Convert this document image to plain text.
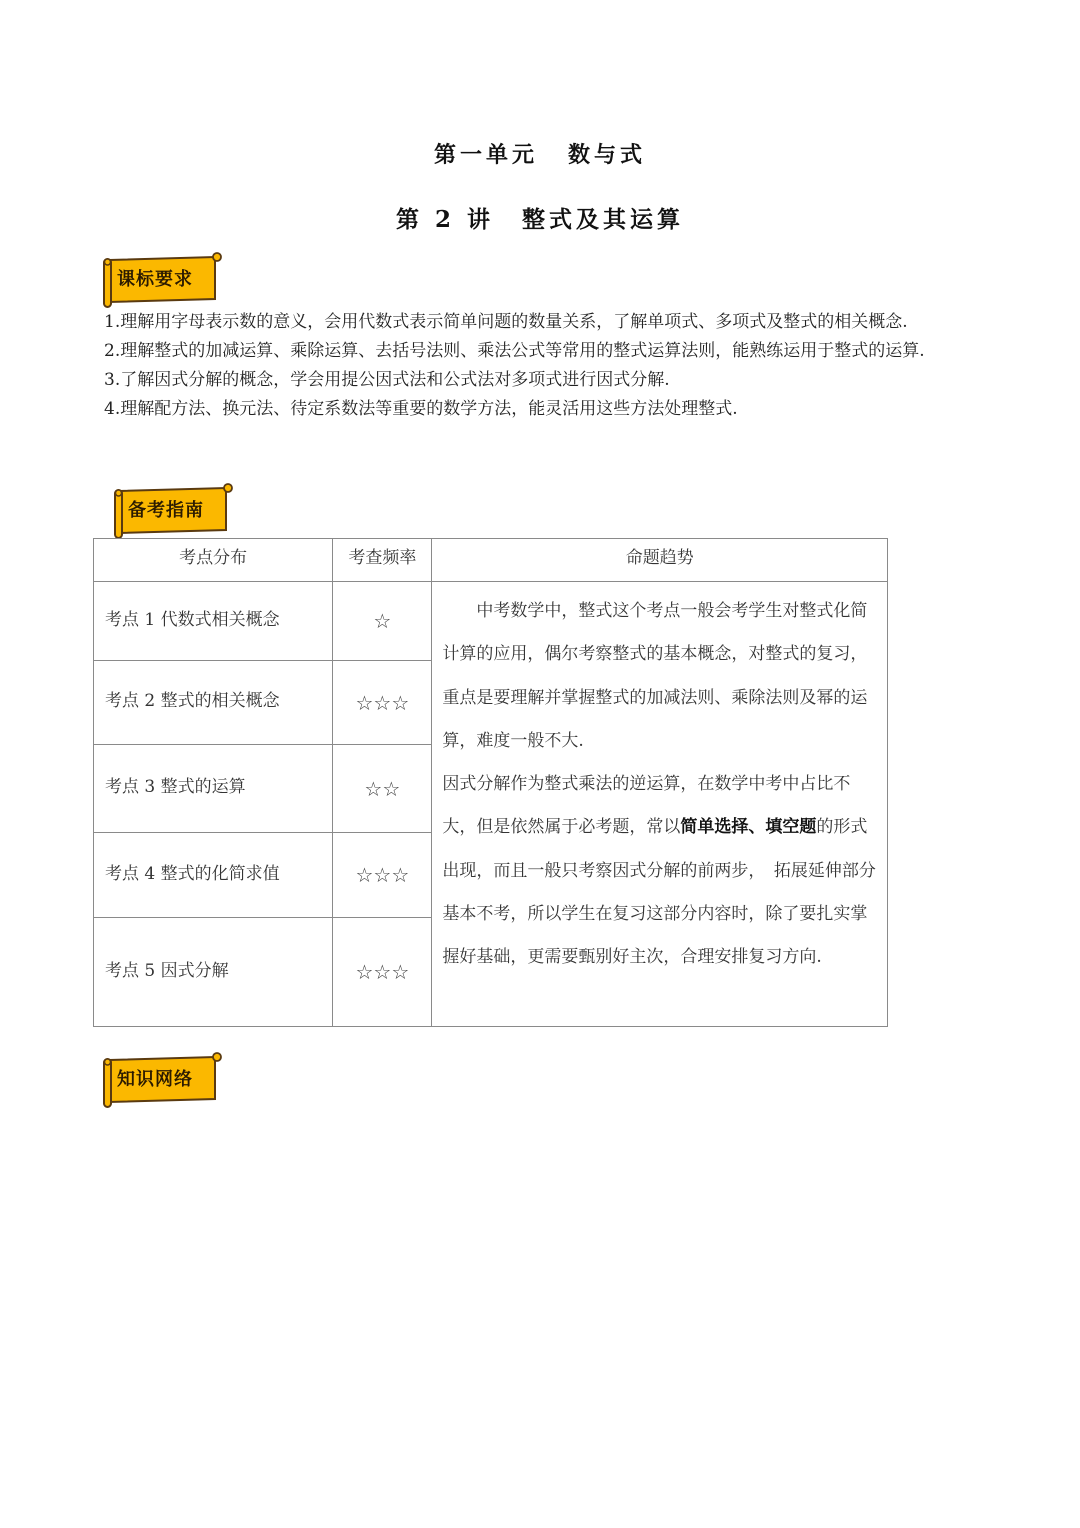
第一单元 数与式
第 2 讲 整式及其运算
课标要求

1.理解用字母表示数的意义，会用代数式表示简单问题的数量关系，了解单项式、多项式及整式的相关概念.

2.理解整式的加减运算、乘除运算、去括号法则、乘法公式等常用的整式运算法则，能熟练运用于整式的运算.

3.了解因式分解的概念，学会用提公因式法和公式法对多项式进行因式分解.

4.理解配方法、换元法、待定系数法等重要的数学方法，能灵活用这些方法处理整式.

备考指南
考点分布	考查频率	命题趋势
考点 1 代数式相关概念	☆	中考数学中，整式这个考点一般会考学生对整式化简计算的应用，偶尔考察整式的基本概念，对整式的复习，重点是要理解并掌握整式的加减法则、乘除法则及幂的运算，难度一般不大.

因式分解作为整式乘法的逆运算，在数学中考中占比不大，但是依然属于必考题，常以简单选择、填空题的形式出现，而且一般只考察因式分解的前两步，　拓展延伸部分基本不考，所以学生在复习这部分内容时，除了要扎实掌握好基础，更需要甄别好主次，合理安排复习方向.

考点 2 整式的相关概念	☆☆☆	
考点 3 整式的运算	☆☆	
考点 4 整式的化简求值	☆☆☆	
考点 5 因式分解	☆☆☆	
知识网络
